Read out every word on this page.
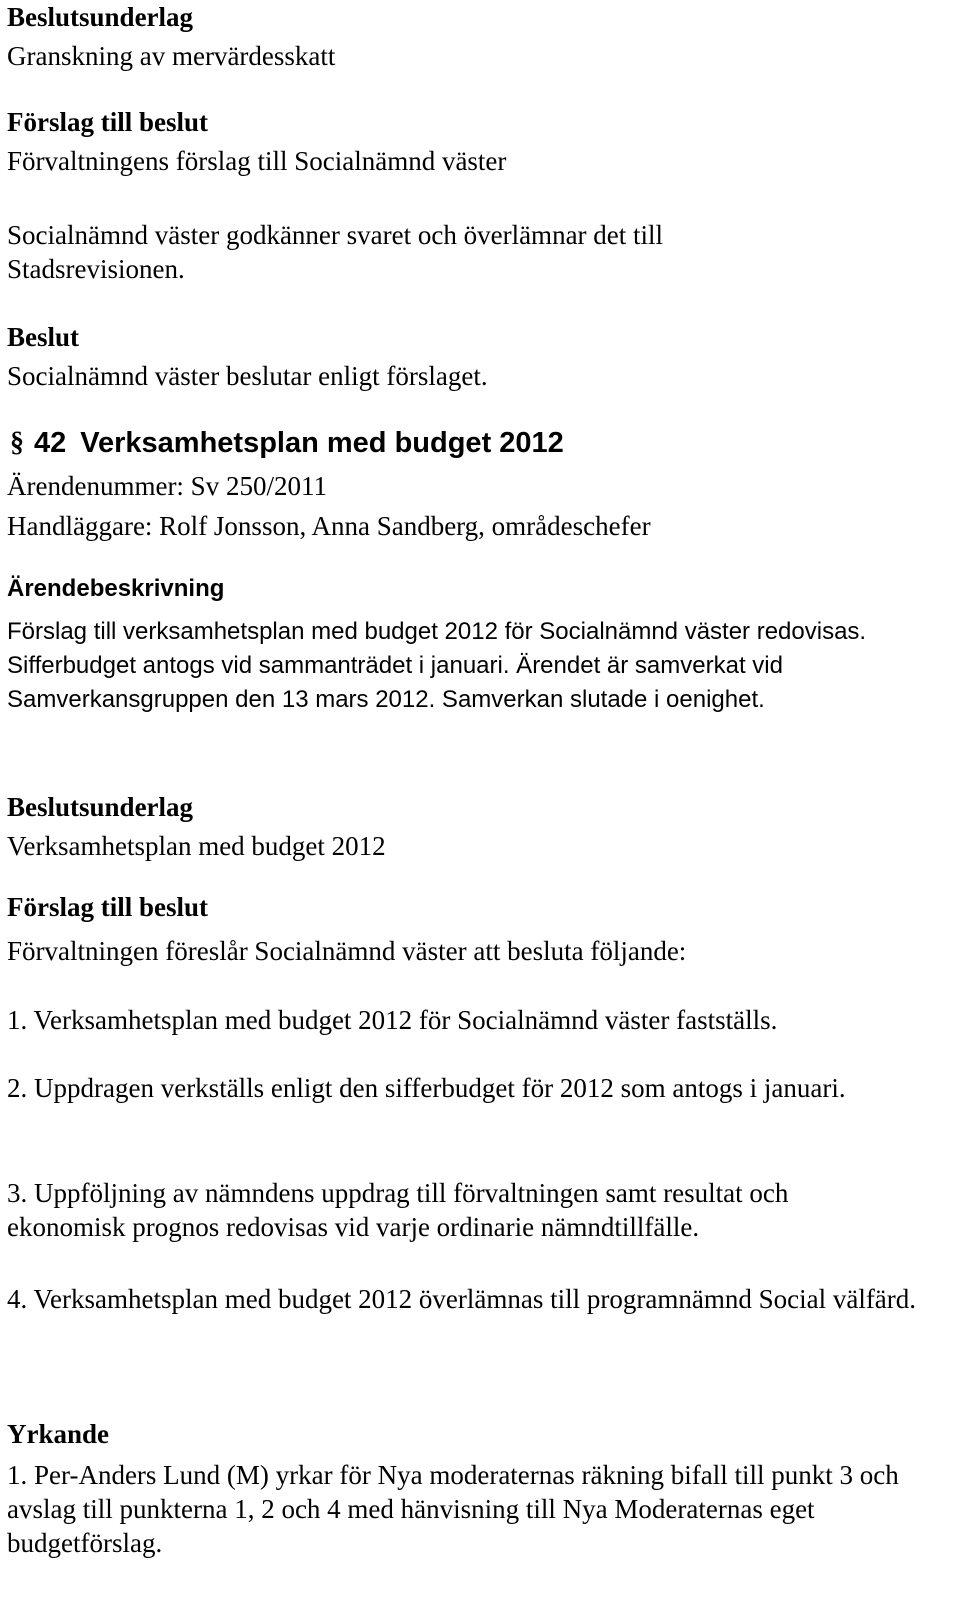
Beslutsunderlag

Granskning av mervärdesskatt

Förslag till beslut

Förvaltningens förslag till Socialnämnd väster

Socialnämnd väster godkänner svaret och överlämnar det till Stadsrevisionen.

Beslut

Socialnämnd väster beslutar enligt förslaget.

§ 42 Verksamhetsplan med budget 2012

Ärendenummer: Sv 250/2011

Handläggare: Rolf Jonsson, Anna Sandberg, områdeschefer

Ärendebeskrivning

Förslag till verksamhetsplan med budget 2012 för Socialnämnd väster redovisas. Sifferbudget antogs vid sammanträdet i januari. Ärendet är samverkat vid Samverkansgruppen den 13 mars 2012. Samverkan slutade i oenighet.

Beslutsunderlag

Verksamhetsplan med budget 2012

Förslag till beslut

Förvaltningen föreslår Socialnämnd väster att besluta följande:

1. Verksamhetsplan med budget 2012 för Socialnämnd väster fastställs.

2. Uppdragen verkställs enligt den sifferbudget för 2012 som antogs i januari.

3. Uppföljning av nämndens uppdrag till förvaltningen samt resultat och ekonomisk prognos redovisas vid varje ordinarie nämndtillfälle.

4. Verksamhetsplan med budget 2012 överlämnas till programnämnd Social välfärd.

Yrkande

1. Per-Anders Lund (M) yrkar för Nya moderaternas räkning bifall till punkt 3 och avslag till punkterna 1, 2 och 4 med hänvisning till Nya Moderaternas eget budgetförslag.
